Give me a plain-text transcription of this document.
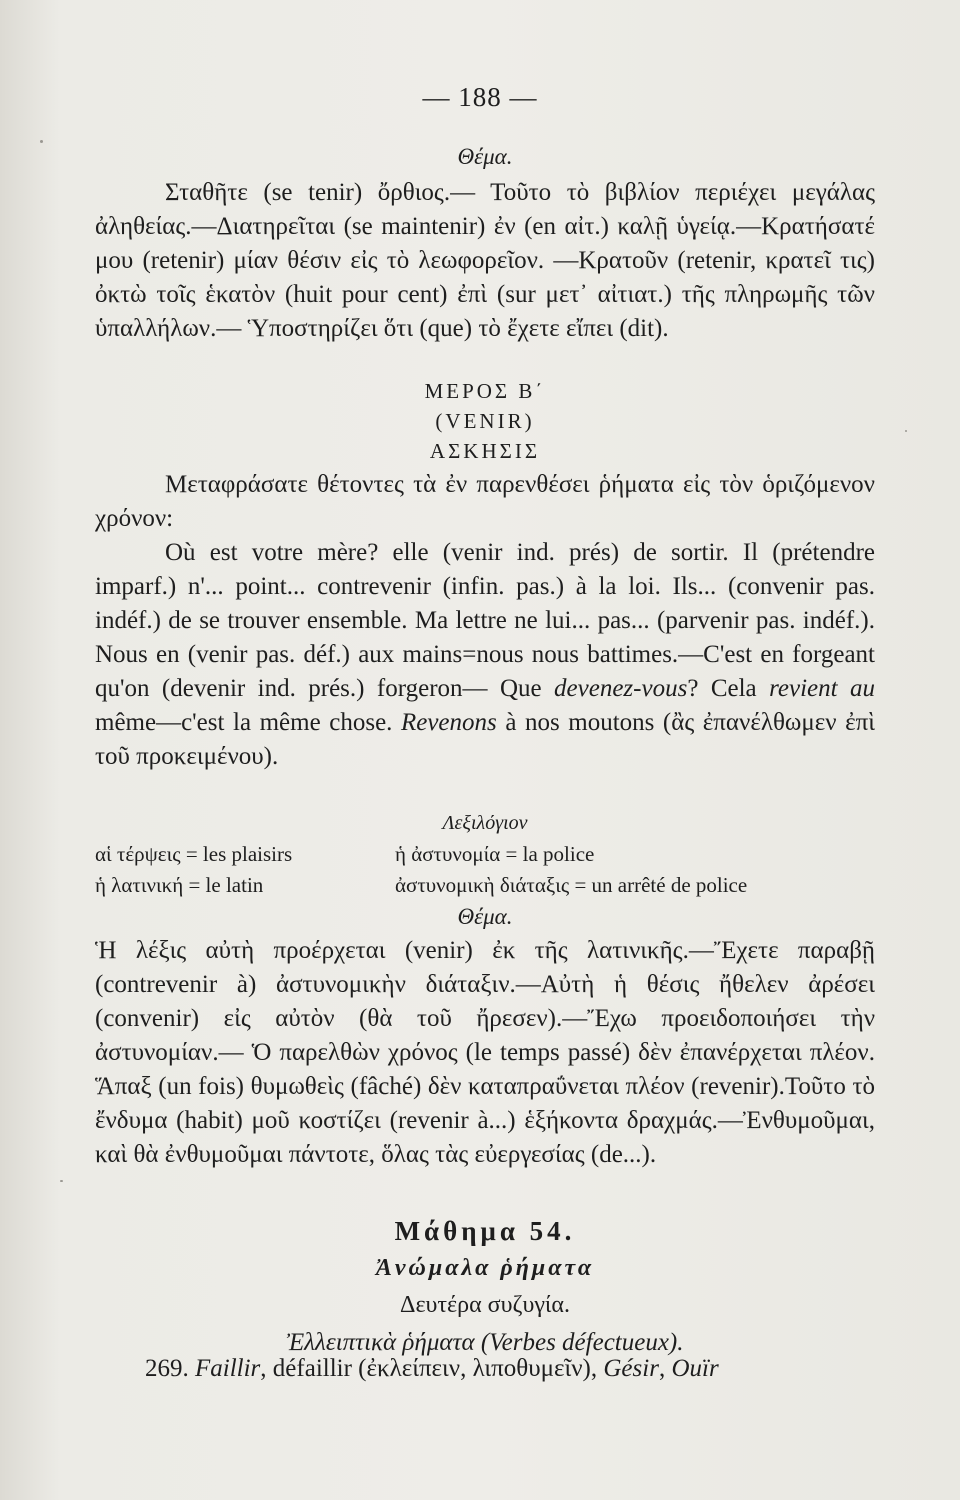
— 188 —

Θέμα.

Σταθῆτε (se tenir) ὄρθιος.— Τοῦτο τὸ βιβλίον περιέχει μεγάλας ἀληθείας.—Διατηρεῖται (se maintenir) ἐν (en αἰτ.) καλῇ ὑγείᾳ.—Κρατήσατέ μου (retenir) μίαν θέσιν εἰς τὸ λεωφορεῖον. —Κρατοῦν (retenir, κρατεῖ τις) ὀκτὼ τοῖς ἑκατὸν (huit pour cent) ἐπὶ (sur μετ᾽ αἰτιατ.) τῆς πληρωμῆς τῶν ὑπαλλήλων.— Ὑποστηρίζει ὅτι (que) τὸ ἔχετε εἴπει (dit).

ΜΕΡΟΣ Β΄

(VENIR)

ΑΣΚΗΣΙΣ

Μεταφράσατε θέτοντες τὰ ἐν παρενθέσει ῥήματα εἰς τὸν ὁριζόμενον χρόνον:

Où est votre mère? elle (venir ind. prés) de sortir. Il (prétendre imparf.) n'... point... contrevenir (infin. pas.) à la loi. Ils... (convenir pas. indéf.) de se trouver ensemble. Ma lettre ne lui... pas... (parvenir pas. indéf.). Nous en (venir pas. déf.) aux mains=nous nous battimes.—C'est en forgeant qu'on (devenir ind. prés.) forgeron— Que devenez-vous? Cela revient au même—c'est la même chose. Revenons à nos moutons (ἂς ἐπανέλθωμεν ἐπὶ τοῦ προκειμένου).

Λεξιλόγιον

αἱ τέρψεις = les plaisirs	ἡ ἀστυνομία = la police
ἡ λατινική = le latin	ἀστυνομικὴ διάταξις = un arrêté de police

Θέμα.

Ἡ λέξις αὐτὴ προέρχεται (venir) ἐκ τῆς λατινικῆς.—Ἔχετε παραβῇ (contrevenir à) ἀστυνομικὴν διάταξιν.—Αὐτὴ ἡ θέσις ἤθελεν ἀρέσει (convenir) εἰς αὐτὸν (θὰ τοῦ ἤρεσεν).—Ἔχω προειδοποιήσει τὴν ἀστυνομίαν.— Ὁ παρελθὼν χρόνος (le temps passé) δὲν ἐπανέρχεται πλέον. Ἅπαξ (un fois) θυμωθεὶς (fâché) δὲν καταπραΰνεται πλέον (revenir).Τοῦτο τὸ ἔνδυμα (habit) μοῦ κοστίζει (revenir à...) ἑξήκοντα δραχμάς.—Ἐνθυμοῦμαι, καὶ θὰ ἐνθυμοῦμαι πάντοτε, ὅλας τὰς εὐεργεσίας (de...).

Μάθημα 54.

Ἀνώμαλα ῥήματα

Δευτέρα συζυγία.

Ἐλλειπτικὰ ῥήματα (Verbes défectueux).

269. Faillir, défaillir (ἐκλείπειν, λιποθυμεῖν), Gésir, Ouïr
